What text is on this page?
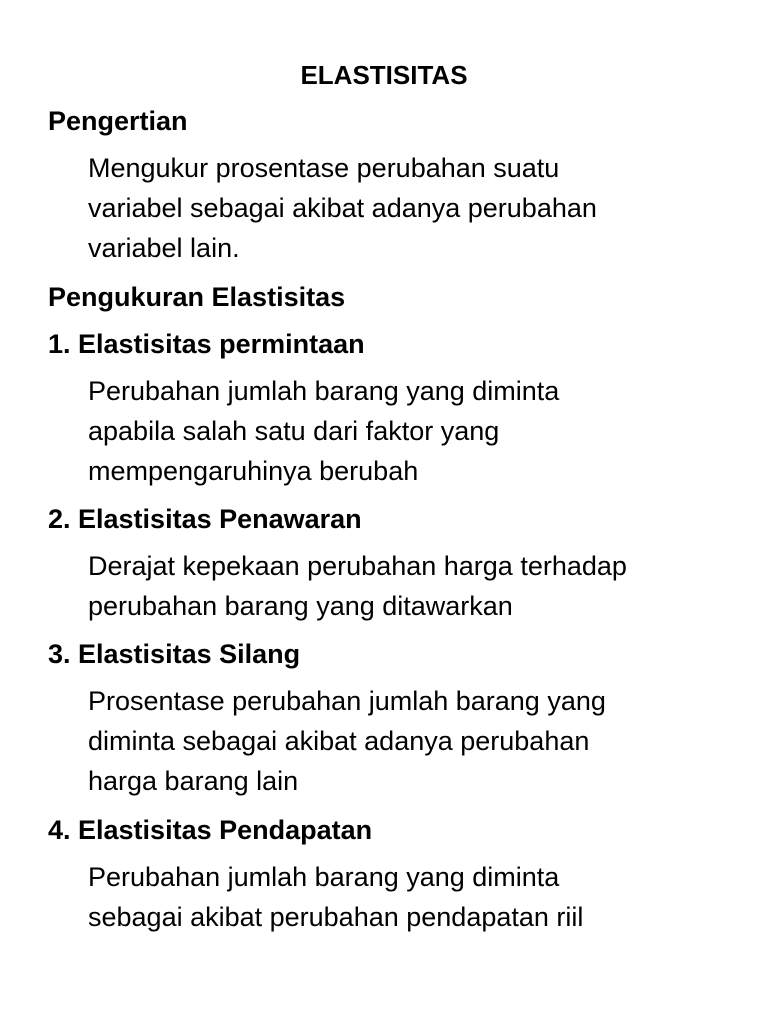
ELASTISITAS
Pengertian
Mengukur prosentase perubahan suatu
variabel sebagai akibat adanya perubahan
variabel lain.
Pengukuran Elastisitas
1. Elastisitas permintaan
Perubahan jumlah barang yang diminta
apabila salah satu dari faktor yang
mempengaruhinya berubah
2. Elastisitas Penawaran
Derajat kepekaan perubahan harga terhadap
perubahan barang yang ditawarkan
3. Elastisitas Silang
Prosentase perubahan jumlah barang yang
diminta sebagai akibat adanya perubahan
harga barang lain
4. Elastisitas Pendapatan
Perubahan jumlah barang yang diminta
sebagai akibat perubahan pendapatan riil
